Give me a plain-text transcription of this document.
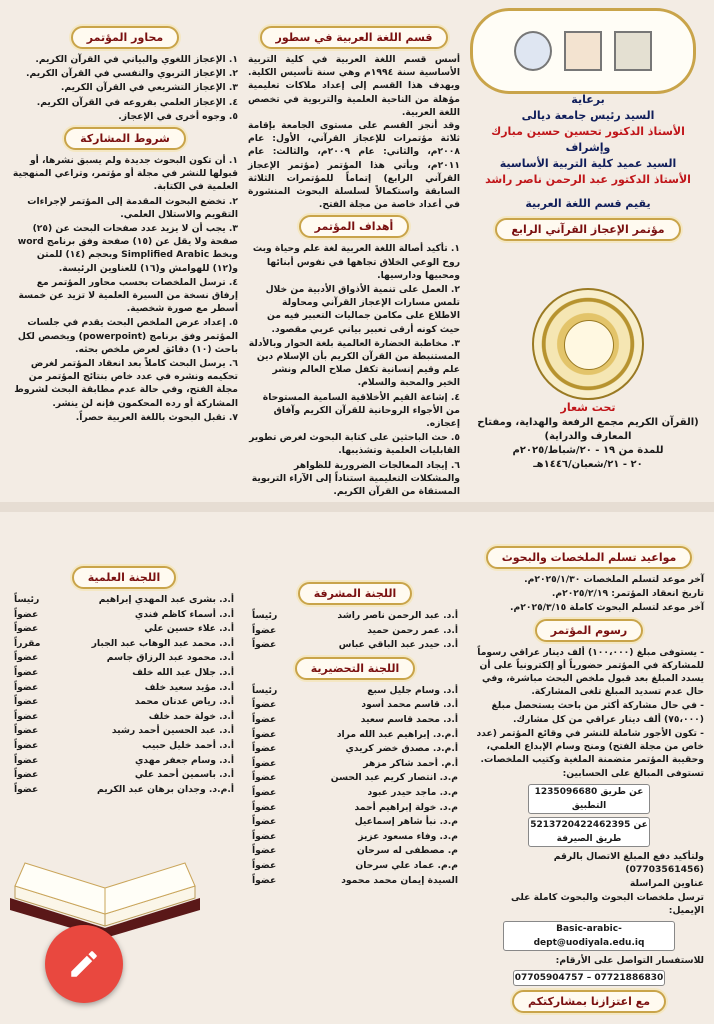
برعاية

السيد رئيس جامعة ديالى

الأستاذ الدكتور تحسين حسين مبارك

وإشراف

السيد عميد كلية التربية الأساسية

الأستاذ الدكتور عبد الرحمن ناصر راشد

يقيم قسم اللغة العربية

مؤتمر الإعجاز القرآني الرابع

تحت شعار

(القرآن الكريم مجمع الرفعة والهداية، ومفتاح المعارف والدراية)

للمدة من ١٩ - ٢٠/شباط/٢٠٢٥م

٢٠ - ٢١/شعبان/١٤٤٦هـ

قسم اللغة العربية في سطور

أسس قسم اللغة العربية في كلية التربية الأساسية سنة ١٩٩٤م وهي سنة تأسيس الكلية. ويهدف هذا القسم إلى إعداد ملاكات تعليمية مؤهلة من الناحية العلمية والتربوية في تخصص اللغة العربية.

وقد أنجز القسم على مستوى الجامعة بإقامة ثلاثة مؤتمرات للإعجاز القرآني، الأول: عام ٢٠٠٨م، والثاني: عام ٢٠٠٩م، والثالث: عام ٢٠١١م، ويأتي هذا المؤتمر (مؤتمر الإعجاز القرآني الرابع) إتماماً للمؤتمرات الثلاثة السابقة واستكمالاً لسلسلة البحوث المنشورة في أعداد خاصة من مجلة الفتح.

أهداف المؤتمر

١. تأكيد أصالة اللغة العربية لغة علم وحياة وبث روح الوعي الخلاق تجاهها في نفوس أبنائها ومحبيها ودارسيها.

٢. العمل على تنمية الأذواق الأدبية من خلال تلمس مسارات الإعجاز القرآني ومحاولة الاطلاع على مكامن جماليات التعبير فيه من حيث كونه أرقى تعبير بياني عربي مقصود.

٣. مخاطبة الحضارة العالمية بلغة الحوار وبالأدلة المستنبطة من القرآن الكريم بأن الإسلام دين علم وقيم إنسانية تكفل صلاح العالم ونشر الخير والمحبة والسلام.

٤. إشاعة القيم الأخلاقية السامية المستوحاة من الأجواء الروحانية للقرآن الكريم وآفاق إعجازه.

٥. حث الباحثين على كتابة البحوث لغرض تطوير القابليات العلمية وتشذيبها.

٦. إيجاد المعالجات الضرورية للظواهر والمشكلات التعليمية استناداً إلى الآراء التربوية المستقاة من القرآن الكريم.

محاور المؤتمر

١. الإعجاز اللغوي والبياني في القرآن الكريم.

٢. الإعجاز التربوي والنفسي في القرآن الكريم.

٣. الإعجاز التشريعي في القرآن الكريم.

٤. الإعجاز العلمي بفروعه في القرآن الكريم.

٥. وجوه أخرى في الإعجاز.

شروط المشاركة

١. أن تكون البحوث جديدة ولم يسبق نشرها، أو قبولها للنشر في مجلة أو مؤتمر، وتراعي المنهجية العلمية في الكتابة.

٢. تخضع البحوث المقدمة إلى المؤتمر لإجراءات التقويم والاستلال العلمي.

٣. يجب أن لا يزيد عدد صفحات البحث عن (٢٥) صفحة ولا يقل عن (١٥) صفحة وفق برنامج word وبخط Simplified Arabic وبحجم (١٤) للمتن و(١٢) للهوامش و(١٦) للعناوين الرئيسة.

٤. ترسل الملخصات بحسب محاور المؤتمر مع إرفاق نسخة من السيرة العلمية لا تزيد عن خمسة أسطر مع صورة شخصية.

٥. إعداد عرض الملخص البحث يقدم في جلسات المؤتمر وفق برنامج (powerpoint) ويخصص لكل باحث (١٠) دقائق لعرض ملخص بحثه.

٦. يرسل البحث كاملاً بعد انعقاد المؤتمر لغرض تحكيمه ونشره في عدد خاص بنتائج المؤتمر من مجلة الفتح، وفي حالة عدم مطابقة البحث لشروط المشاركة أو رده المحكمون فإنه لن ينشر.

٧. تقبل البحوث باللغة العربية حصراً.

مواعيد تسلم الملخصات والبحوث

آخر موعد لتسلم الملخصات ٢٠٢٥/١/٣٠م.

تاريخ انعقاد المؤتمر: ٢٠٢٥/٢/١٩م.

آخر موعد لتسلم البحوث كاملة ٢٠٢٥/٣/١٥م.

رسوم المؤتمر

- يستوفى مبلغ (١٠٠،٠٠٠) ألف دينار عراقي رسوماً للمشاركة في المؤتمر حضورياً أو إلكترونياً على أن يسدد المبلغ بعد قبول ملخص البحث مباشرة، وفي حال عدم تسديد المبلغ تلغى المشاركة.

- في حال مشاركة أكثر من باحث يستحصل مبلغ (٧٥،٠٠٠) ألف دينار عراقي من كل مشارك.

- تكون الأجور شاملة للنشر في وقائع المؤتمر (عدد خاص من مجلة الفتح) ومنح وسام الإبداع العلمي، وحقيبة المؤتمر متضمنة الملغية وكتيب الملخصات.

تستوفى المبالغ على الحسابين:

1235096680 عن طريق التطبيق
5213720422462395 عن طريق الصيرفة

ولتأكيد دفع المبلغ الاتصال بالرقم (07703561456)

عناوين المراسلة

ترسل ملخصات البحوث والبحوث كاملة على الإيميل:

Basic-arabic-dept@uodiyala.edu.iq

للاستفسار التواصل على الأرقام:

07705904757 – 07721886830
مع اعتزازنا بمشاركتكم
اللجنة المشرفة
أ.د. عبد الرحمن ناصر راشد
رئيساً
أ.د. عمر رحمن حميد
عضواً
أ.د. حيدر عبد الباقي عباس
عضواً
اللجنة التحضيرية
أ.د. وسام جليل سبع
رئيساً
أ.د. قاسم محمد أسود
عضواً
أ.د. محمد قاسم سعيد
عضواً
أ.م.د. إبراهيم عبد الله مراد
عضواً
أ.م.د. مصدق خضر كريدي
عضواً
أ.م. أحمد شاكر مزهر
عضواً
م.د. انتصار كريم عبد الحسن
عضواً
م.د. ماجد حيدر عبود
عضواً
م.د. خولة إبراهيم أحمد
عضواً
م.د. نبأ شاهر إسماعيل
عضواً
م.د. وفاء مسعود عزيز
عضواً
م. مصطفى له سرحان
عضواً
م.م. عماد علي سرحان
عضواً
السيدة إيمان محمد محمود
عضواً
اللجنة العلمية
أ.د. بشرى عبد المهدي إبراهيم
رئيساً
أ.د. أسماء كاظم فندي
عضواً
أ.د. علاء حسين علي
عضواً
أ.د. محمد عبد الوهاب عبد الجبار
مقرراً
أ.د. محمود عبد الرزاق جاسم
عضواً
أ.د. جلال عبد الله خلف
عضواً
أ.د. مؤيد سعيد خلف
عضواً
أ.د. رياض عدنان محمد
عضواً
أ.د. خولة حمد خلف
عضواً
أ.د. عبد الحسين أحمد رشيد
عضواً
أ.د. أحمد خليل حبيب
عضواً
أ.د. وسام جعفر مهدي
عضواً
أ.د. باسمين أحمد علي
عضواً
أ.م.د. وجدان برهان عبد الكريم
عضواً
